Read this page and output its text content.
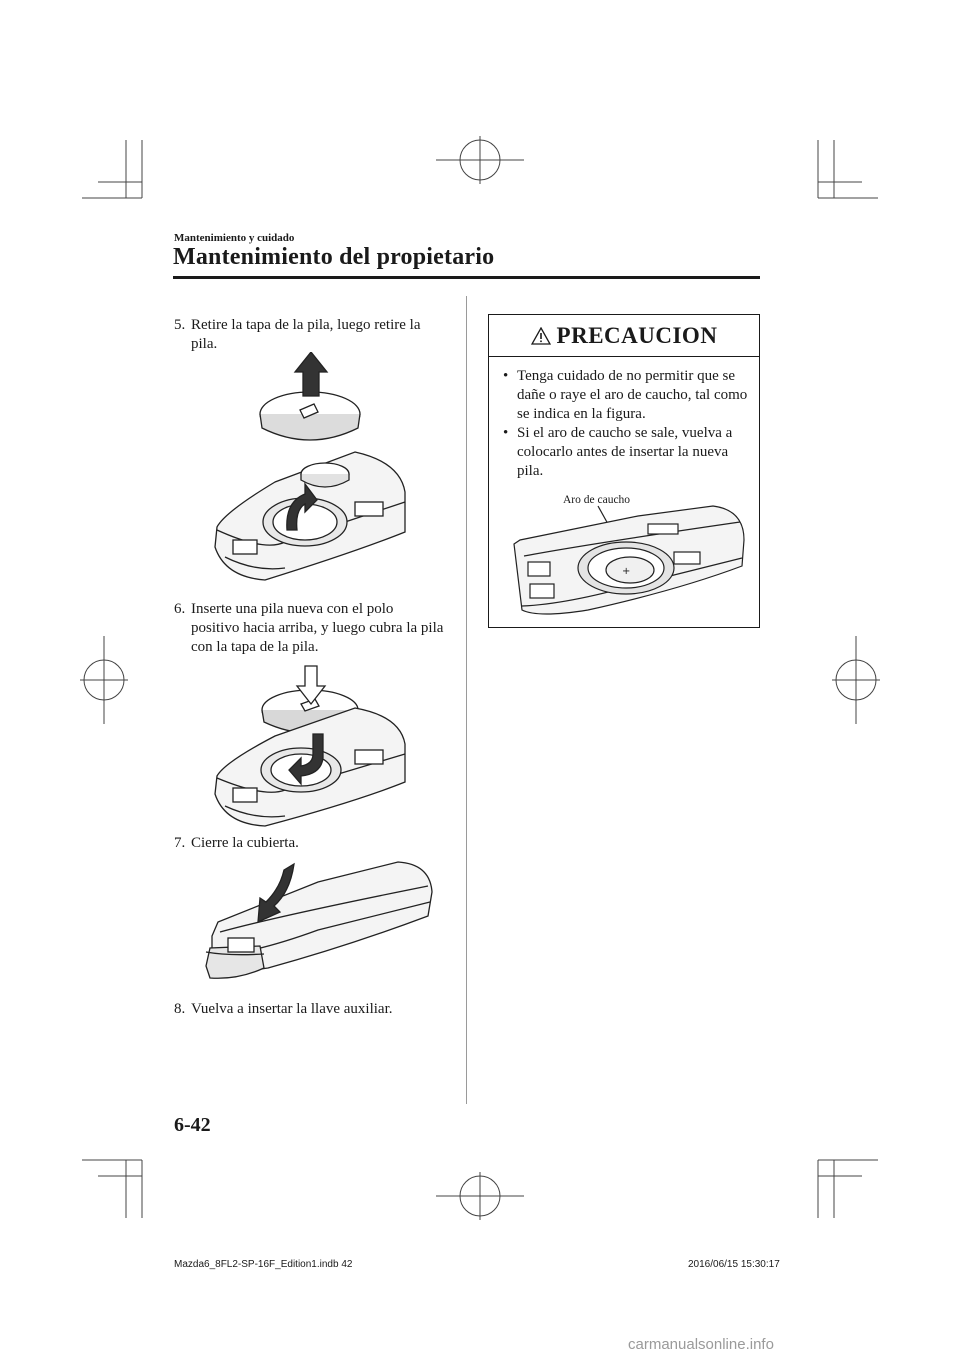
Mantenimiento y cuidado
Mantenimiento del propietario
5. Retire la tapa de la pila, luego retire la pila.
6. Inserte una pila nueva con el polo positivo hacia arriba, y luego cubra la pila con la tapa de la pila.
7. Cierre la cubierta.
8. Vuelva a insertar la llave auxiliar.
PRECAUCION
• Tenga cuidado de no permitir que se dañe o raye el aro de caucho, tal como se indica en la figura.
• Si el aro de caucho se sale, vuelva a colocarlo antes de insertar la nueva pila.
Aro de caucho
+
6-42
Mazda6_8FL2-SP-16F_Edition1.indb 42	2016/06/15 15:30:17
carmanualsonline.info
